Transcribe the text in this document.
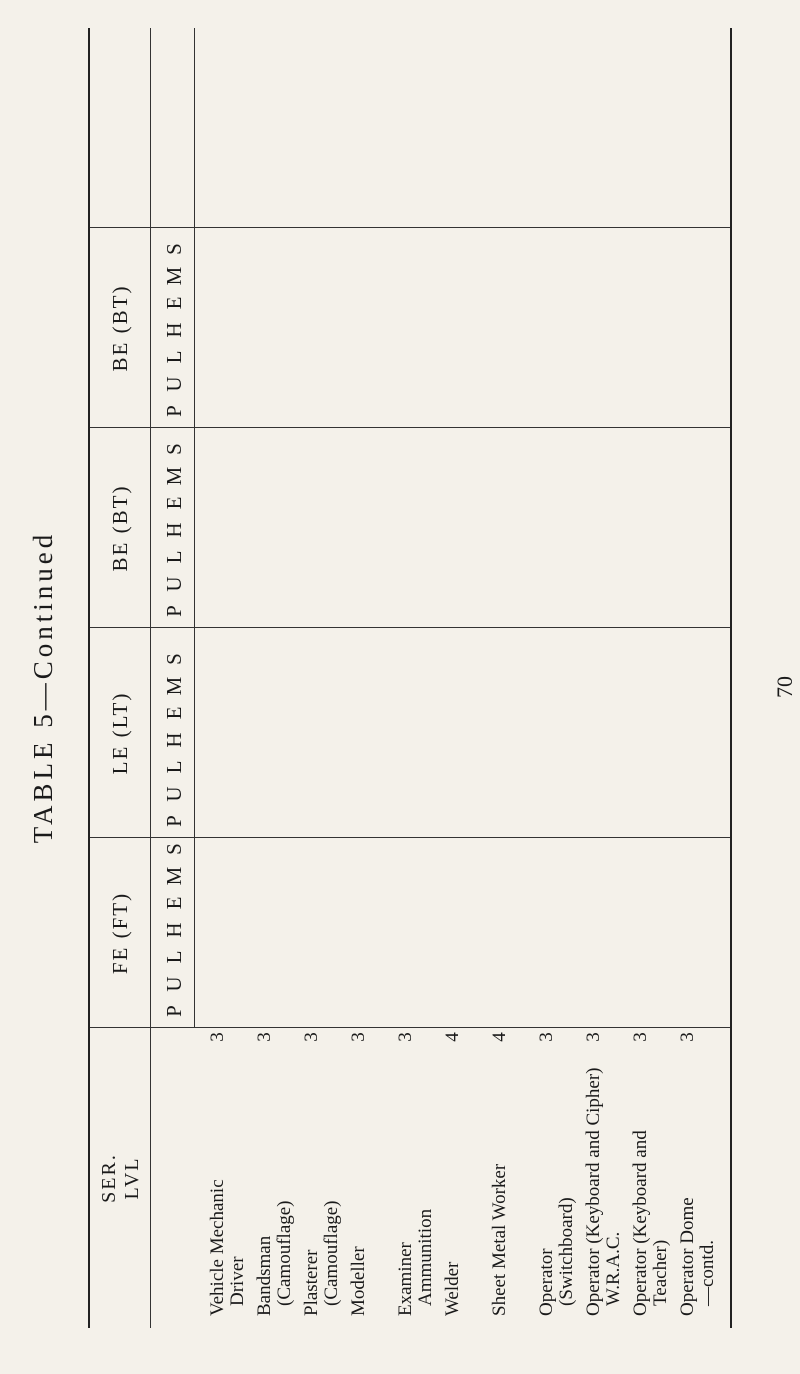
TABLE 5—Continued
SER. LVL
FE (FT)
LE (LT)
BE (BT)
BE (BT)
P
U
L
H
E
M
S
P
U
L
H
E
M
S
P
U
L
H
E
M
S
P
U
L
H
E
M
S
Vehicle Mechanic
Driver
3
Bandsman
(Camouflage)
3
Plasterer
(Camouflage)
3
Modeller
3
Examiner
Ammunition
3
Welder
4
Sheet Metal Worker
4
Operator
(Switchboard)
3
Operator (Keyboard and Cipher)
W.R.A.C.
3
Operator (Keyboard and
Teacher)
3
Operator Dome
—contd.
3
70
